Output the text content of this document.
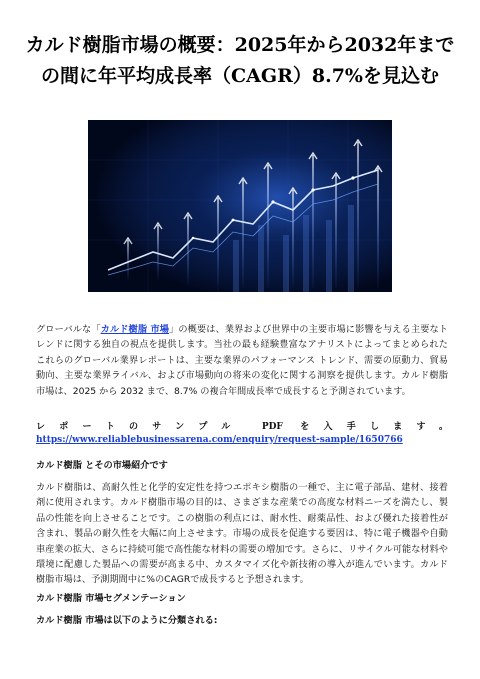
カルド樹脂市場の概要：2025年から2032年まで
の間に年平均成長率（CAGR）8.7%を見込む

グローバルな「カルド樹脂 市場」の概要は、業界および世界中の主要市場に影響を与える主要なトレンドに関する独自の視点を提供します。当社の最も経験豊富なアナリストによってまとめられたこれらのグローバル業界レポートは、主要な業界のパフォーマンス トレンド、需要の原動力、貿易動向、主要な業界ライバル、および市場動向の将来の変化に関する洞察を提供します。カルド樹脂 市場は、2025 から 2032 まで、8.7% の複合年間成長率で成長すると予測されています。

レポートのサンプル PDF を入手します。 https://www.reliablebusinessarena.com/enquiry/request-sample/1650766

カルド樹脂 とその市場紹介です

カルド樹脂は、高耐久性と化学的安定性を持つエポキシ樹脂の一種で、主に電子部品、建材、接着剤に使用されます。カルド樹脂市場の目的は、さまざまな産業での高度な材料ニーズを満たし、製品の性能を向上させることです。この樹脂の利点には、耐水性、耐薬品性、および優れた接着性が含まれ、製品の耐久性を大幅に向上させます。市場の成長を促進する要因は、特に電子機器や自動車産業の拡大、さらに持続可能で高性能な材料の需要の増加です。さらに、リサイクル可能な材料や環境に配慮した製品への需要が高まる中、カスタマイズ化や新技術の導入が進んでいます。カルド樹脂市場は、予測期間中に%のCAGRで成長すると予想されます。

カルド樹脂 市場セグメンテーション

カルド樹脂 市場は以下のように分類される:
